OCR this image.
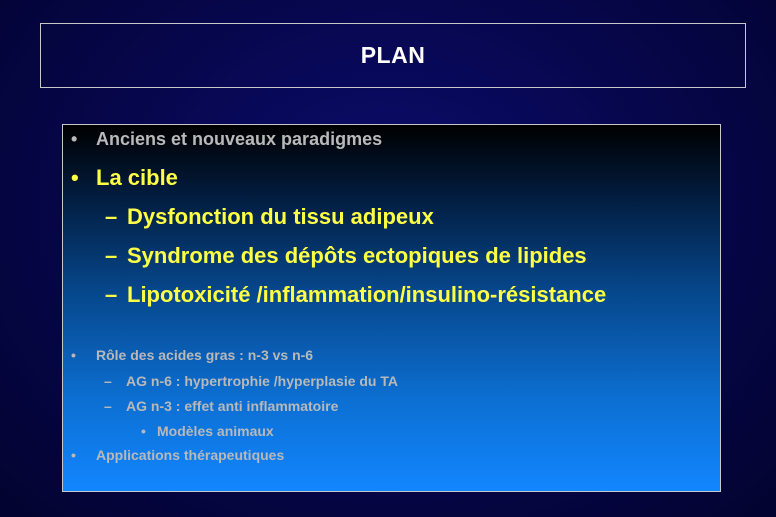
PLAN
• Anciens et nouveaux paradigmes
• La cible
– Dysfonction du tissu adipeux
– Syndrome des dépôts ectopiques de lipides
– Lipotoxicité /inflammation/insulino-résistance
• Rôle des acides gras : n-3 vs n-6
– AG n-6 : hypertrophie /hyperplasie du TA
– AG n-3 : effet anti inflammatoire
• Modèles animaux
• Applications thérapeutiques
